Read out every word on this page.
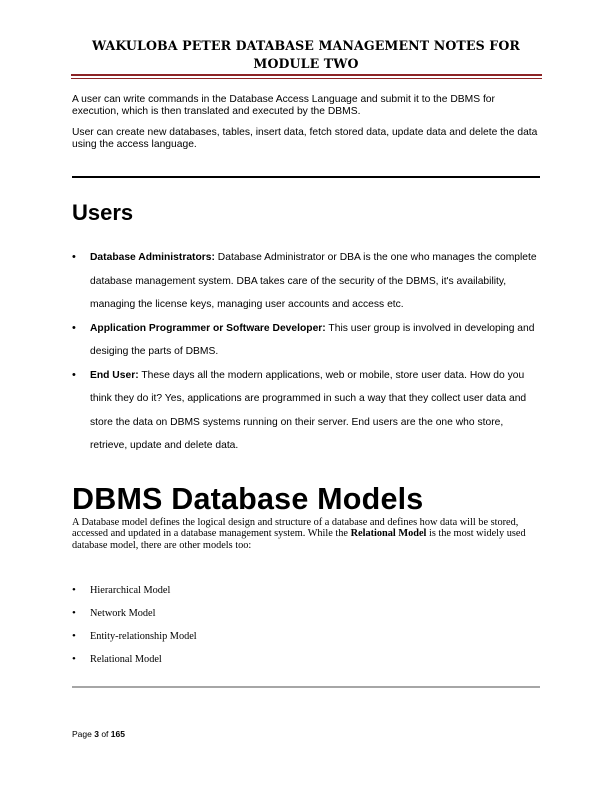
WAKULOBA PETER DATABASE MANAGEMENT NOTES FOR
MODULE TWO

A user can write commands in the Database Access Language and submit it to the DBMS for execution, which is then translated and executed by the DBMS.

User can create new databases, tables, insert data, fetch stored data, update data and delete the data using the access language.

Users
•	Database Administrators: Database Administrator or DBA is the one who manages the complete database management system. DBA takes care of the security of the DBMS, it's availability, managing the license keys, managing user accounts and access etc.
•	Application Programmer or Software Developer: This user group is involved in developing and desiging the parts of DBMS.
•	End User: These days all the modern applications, web or mobile, store user data. How do you think they do it? Yes, applications are programmed in such a way that they collect user data and store the data on DBMS systems running on their server. End users are the one who store, retrieve, update and delete data.
DBMS Database Models

A Database model defines the logical design and structure of a database and defines how data will be stored, accessed and updated in a database management system. While the Relational Model is the most widely used database model, there are other models too:

•	Hierarchical Model
•	Network Model
•	Entity-relationship Model
•	Relational Model
Page 3 of 165
